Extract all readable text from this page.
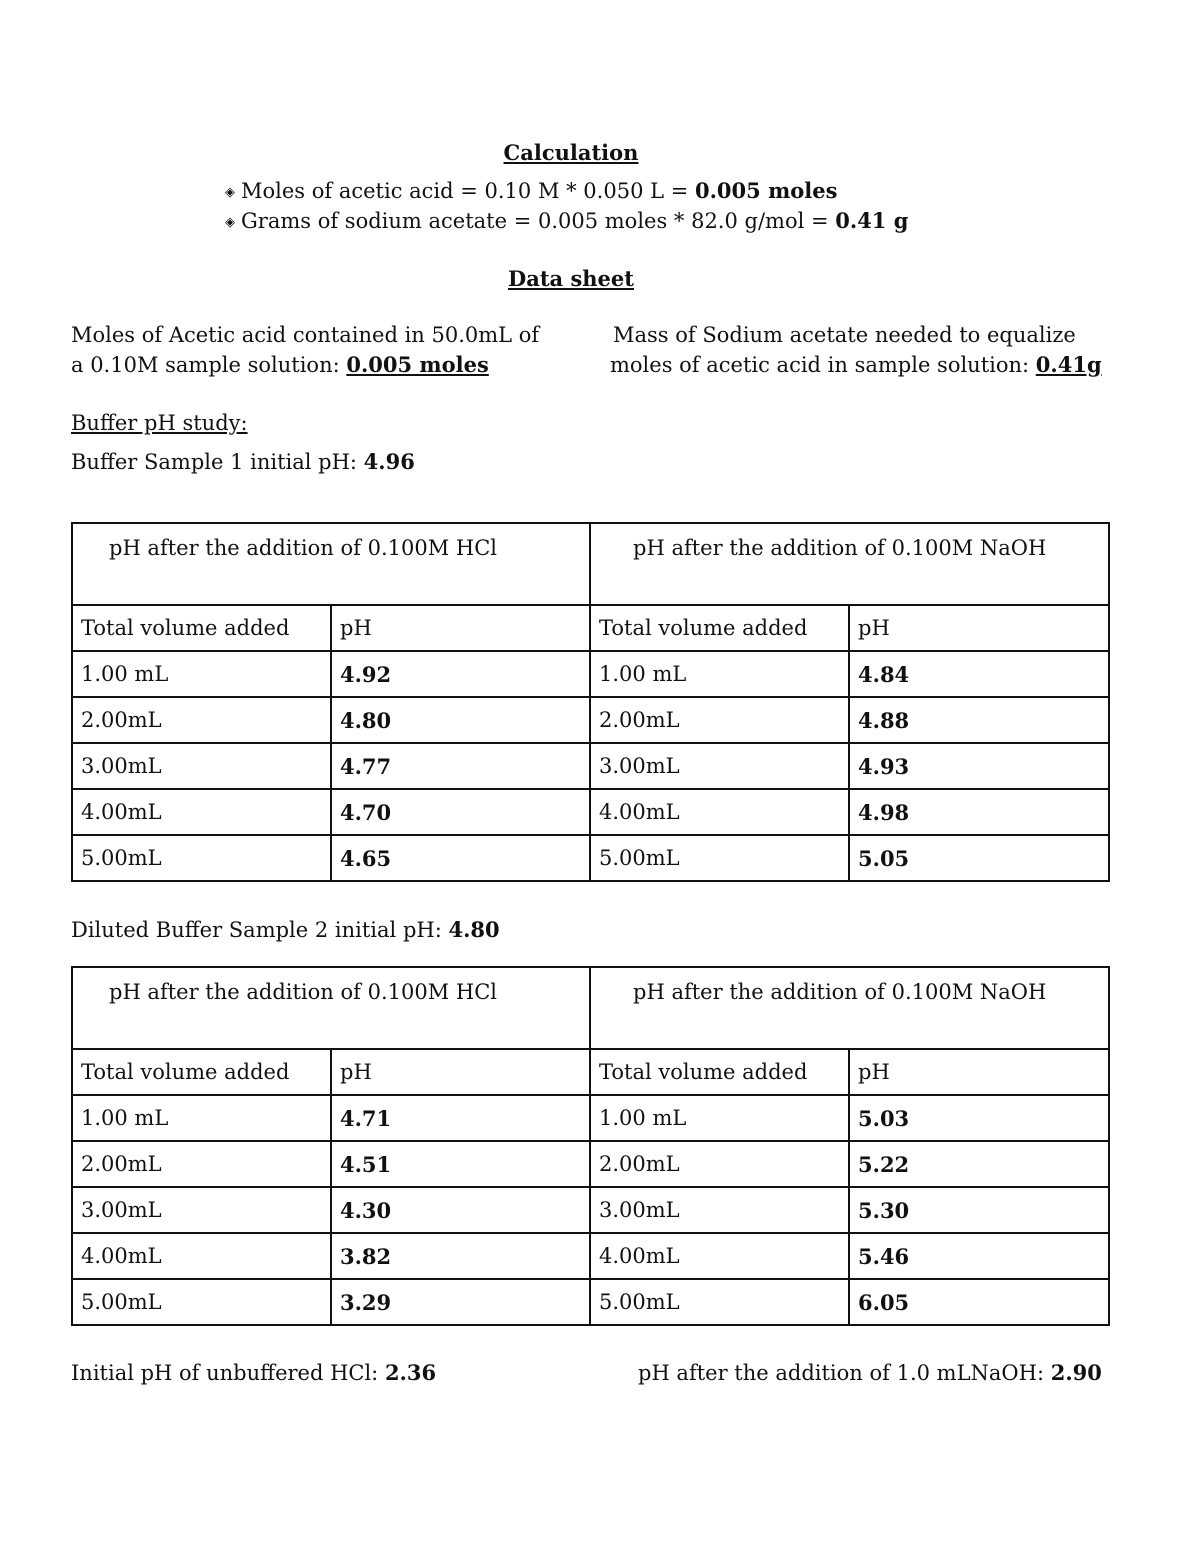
Calculation
◈ Moles of acetic acid = 0.10 M * 0.050 L = 0.005 moles
◈ Grams of sodium acetate = 0.005 moles * 82.0 g/mol = 0.41 g
Data sheet
Moles of Acetic acid contained in 50.0mL of
a 0.10M sample solution: 0.005 moles
Mass of Sodium acetate needed to equalize
moles of acetic acid in sample solution: 0.41g
Buffer pH study:
Buffer Sample 1 initial pH: 4.96
pH after the addition of 0.100M HCl		pH after the addition of 0.100M NaOH	
Total volume added	pH	Total volume added	pH
1.00 mL	4.92	1.00 mL	4.84
2.00mL	4.80	2.00mL	4.88
3.00mL	4.77	3.00mL	4.93
4.00mL	4.70	4.00mL	4.98
5.00mL	4.65	5.00mL	5.05
Diluted Buffer Sample 2 initial pH: 4.80
pH after the addition of 0.100M HCl		pH after the addition of 0.100M NaOH	
Total volume added	pH	Total volume added	pH
1.00 mL	4.71	1.00 mL	5.03
2.00mL	4.51	2.00mL	5.22
3.00mL	4.30	3.00mL	5.30
4.00mL	3.82	4.00mL	5.46
5.00mL	3.29	5.00mL	6.05
Initial pH of unbuffered HCl: 2.36	pH after the addition of 1.0 mLNaOH: 2.90
